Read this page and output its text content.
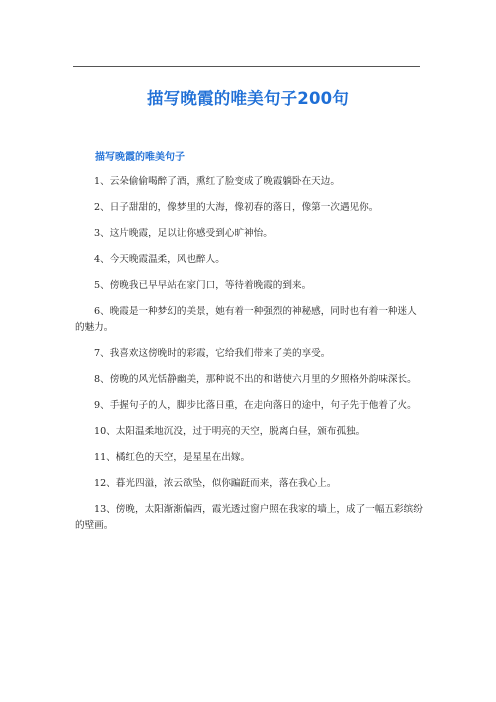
描写晚霞的唯美句子200句
描写晚霞的唯美句子
1、云朵偷偷喝醉了酒，熏红了脸变成了晚霞躺卧在天边。
2、日子甜甜的，像梦里的大海，像初春的落日，像第一次遇见你。
3、这片晚霞，足以让你感受到心旷神怡。
4、今天晚霞温柔，风也醉人。
5、傍晚我已早早站在家门口，等待着晚霞的到来。
6、晚霞是一种梦幻的美景，她有着一种强烈的神秘感，同时也有着一种迷人的魅力。
7、我喜欢这傍晚时的彩霞，它给我们带来了美的享受。
8、傍晚的风光恬静幽美，那种说不出的和谐使六月里的夕照格外韵味深长。
9、手握句子的人，脚步比落日重，在走向落日的途中，句子先于他着了火。
10、太阳温柔地沉没，过于明亮的天空，脱离白昼，颁布孤独。
11、橘红色的天空，是星星在出嫁。
12、暮光四溢，浓云欲坠，似你蹁跹而来，落在我心上。
13、傍晚，太阳渐渐偏西，霞光透过窗户照在我家的墙上，成了一幅五彩缤纷的壁画。
